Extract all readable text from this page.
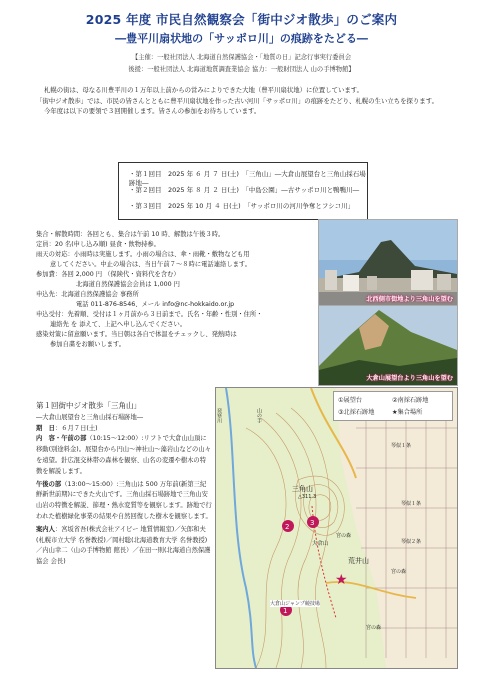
2025 年度 市民自然観察会「街中ジオ散歩」のご案内
―豊平川扇状地の「サッポロ川」の痕跡をたどる―
【主催：一般社団法人 北海道自然保護協会・「地質の日」記念行事実行委員会
後援：一般社団法人 北海道地質調査業協会 協力：一般財団法人 山の手博物館】

札幌の街は、母なる川豊平川の１万年以上前からの営みによりできた大地（豊平川扇状地）に位置しています。

「街中ジオ散歩」では、市民の皆さんとともに豊平川扇状地を作った古い河川「サッポロ川」の痕跡をたどり、札幌の生い立ちを探ります。

今年度は以下の要領で３回開催します。皆さんの参加をお待ちしています。

・第１回目　2025 年 ６ 月 ７ 日(土)　「三角山」―大倉山展望台と三角山採石場跡地―
・第２回目　2025 年 ８ 月 ２ 日(土)　「中島公園」―古サッポロ川と鴨鴨川―
・第３回目　2025 年 10 月 ４ 日(土)　「サッポロ川の河川争奪とフシコ川」
集合・解散時間：各回とも、集合は午前 10 時、解散は午後３時。
定員：20 名(申し込み順) 昼食・飲物持参。
雨天の対応：小雨時は実施します。小雨の場合は、傘・雨靴・敷物なども用
意してください。中止の場合は、当日午前７〜８時に電話連絡します。
参加費：各回 2,000 円 （保険代・資料代を含む）
北海道自然保護協会会員は 1,000 円
申込先：北海道自然保護協会 事務所
電話 011-876-8546、メール info@nc-hokkaido.or.jp
申込受付：先着順、受付は１ヶ月前から３日前まで。氏名・年齢・性別・住所・
連絡先 を 添えて、上記へ申し込んでください。
感染対策に留意願います。当日朝は各自で体温をチェックし、発熱時は
参加自粛をお願いします。
北西側市街地より三角山を望む
大倉山展望台より三角山を望む
第１回街中ジオ散歩「三角山」
―大倉山展望台と三角山採石場跡地―
期　日：６月７日(土)
内　容・午前の部（10:15〜12:00）:リフトで大倉山山頂に移動(別途料金)。展望台から円山〜神社山〜藻岩山などの山々を遠望。針広混交林帯の森林を観察、山名の変遷や樹木の特徴を解説します。
午後の部（13:00〜15:00）:三角山は 500 万年前(新第三紀鮮新世前期)にできた火山です。三角山採石場跡地で三角山安山岩の特徴を解説、節理・熱水変質等を観察します。跡地で行われた植樹緑化事業の結果や自然回復した樹木を観察します。
案内人：宮坂省吾(株式会社アイピー 地質情報室)／矢郎和夫(札幌市立大学 名誉教授)／岡村聡(北海道教育大学 名誉教授)／内山幸二（山の手博物館 館長）／在田一則(北海道自然保護協会 会長)
1
2	3
★
三角山
△311.3
荒井山
大倉山
大倉山ジャンプ競技場
宮の森
宮の森
琴似２条
琴似１条
琴似１条
宮の森
山の手
発寒川
①展望台	②南採石跡地
③北採石跡地	★集合場所
